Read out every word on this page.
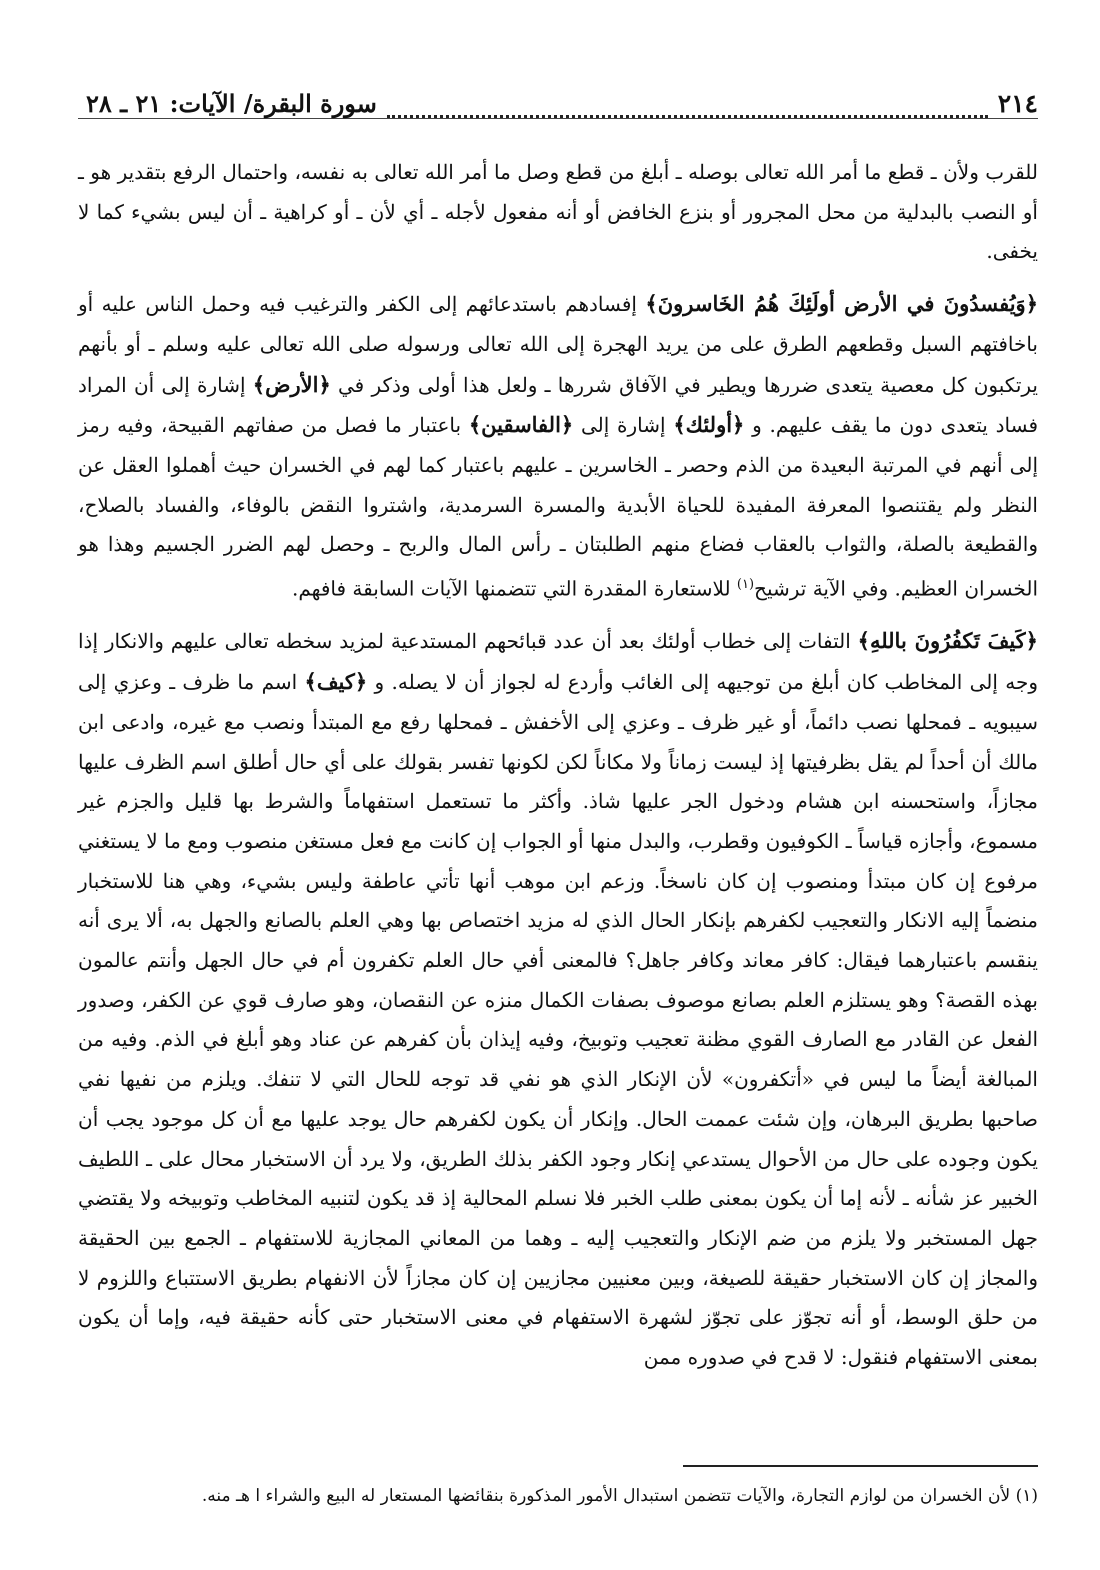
٢١٤
سورة البقرة/ الآيات: ٢١ ـ ٢٨

للقرب ولأن ـ قطع ما أمر الله تعالى بوصله ـ أبلغ من قطع وصل ما أمر الله تعالى به نفسه، واحتمال الرفع بتقدير هو ـ أو النصب بالبدلية من محل المجرور أو بنزع الخافض أو أنه مفعول لأجله ـ أي لأن ـ أو كراهية ـ أن ليس بشيء كما لا يخفى.

﴿وَيُفسدُونَ في الأرض أولَئِكَ هُمُ الخَاسرونَ﴾ إفسادهم باستدعائهم إلى الكفر والترغيب فيه وحمل الناس عليه أو باخافتهم السبل وقطعهم الطرق على من يريد الهجرة إلى الله تعالى ورسوله صلى الله تعالى عليه وسلم ـ أو بأنهم يرتكبون كل معصية يتعدى ضررها ويطير في الآفاق شررها ـ ولعل هذا أولى وذكر في ﴿الأرض﴾ إشارة إلى أن المراد فساد يتعدى دون ما يقف عليهم. و ﴿أولئك﴾ إشارة إلى ﴿الفاسقين﴾ باعتبار ما فصل من صفاتهم القبيحة، وفيه رمز إلى أنهم في المرتبة البعيدة من الذم وحصر ـ الخاسرين ـ عليهم باعتبار كما لهم في الخسران حيث أهملوا العقل عن النظر ولم يقتنصوا المعرفة المفيدة للحياة الأبدية والمسرة السرمدية، واشتروا النقض بالوفاء، والفساد بالصلاح، والقطيعة بالصلة، والثواب بالعقاب فضاع منهم الطلبتان ـ رأس المال والربح ـ وحصل لهم الضرر الجسيم وهذا هو الخسران العظيم. وفي الآية ترشيح$^{(١)}$ للاستعارة المقدرة التي تتضمنها الآيات السابقة فافهم.

﴿كَيفَ تَكفُرُونَ باللهِ﴾ التفات إلى خطاب أولئك بعد أن عدد قبائحهم المستدعية لمزيد سخطه تعالى عليهم والانكار إذا وجه إلى المخاطب كان أبلغ من توجيهه إلى الغائب وأردع له لجواز أن لا يصله. و ﴿كيف﴾ اسم ما ظرف ـ وعزي إلى سيبويه ـ فمحلها نصب دائماً، أو غير ظرف ـ وعزي إلى الأخفش ـ فمحلها رفع مع المبتدأ ونصب مع غيره، وادعى ابن مالك أن أحداً لم يقل بظرفيتها إذ ليست زماناً ولا مكاناً لكن لكونها تفسر بقولك على أي حال أطلق اسم الظرف عليها مجازاً، واستحسنه ابن هشام ودخول الجر عليها شاذ. وأكثر ما تستعمل استفهاماً والشرط بها قليل والجزم غير مسموع، وأجازه قياساً ـ الكوفيون وقطرب، والبدل منها أو الجواب إن كانت مع فعل مستغن منصوب ومع ما لا يستغني مرفوع إن كان مبتدأ ومنصوب إن كان ناسخاً. وزعم ابن موهب أنها تأتي عاطفة وليس بشيء، وهي هنا للاستخبار منضماً إليه الانكار والتعجيب لكفرهم بإنكار الحال الذي له مزيد اختصاص بها وهي العلم بالصانع والجهل به، ألا يرى أنه ينقسم باعتبارهما فيقال: كافر معاند وكافر جاهل؟ فالمعنى أفي حال العلم تكفرون أم في حال الجهل وأنتم عالمون بهذه القصة؟ وهو يستلزم العلم بصانع موصوف بصفات الكمال منزه عن النقصان، وهو صارف قوي عن الكفر، وصدور الفعل عن القادر مع الصارف القوي مظنة تعجيب وتوبيخ، وفيه إيذان بأن كفرهم عن عناد وهو أبلغ في الذم. وفيه من المبالغة أيضاً ما ليس في «أتكفرون» لأن الإنكار الذي هو نفي قد توجه للحال التي لا تنفك. ويلزم من نفيها نفي صاحبها بطريق البرهان، وإن شئت عممت الحال. وإنكار أن يكون لكفرهم حال يوجد عليها مع أن كل موجود يجب أن يكون وجوده على حال من الأحوال يستدعي إنكار وجود الكفر بذلك الطريق، ولا يرد أن الاستخبار محال على ـ اللطيف الخبير عز شأنه ـ لأنه إما أن يكون بمعنى طلب الخبر فلا نسلم المحالية إذ قد يكون لتنبيه المخاطب وتوبيخه ولا يقتضي جهل المستخبر ولا يلزم من ضم الإنكار والتعجيب إليه ـ وهما من المعاني المجازية للاستفهام ـ الجمع بين الحقيقة والمجاز إن كان الاستخبار حقيقة للصيغة، وبين معنيين مجازيين إن كان مجازاً لأن الانفهام بطريق الاستتباع واللزوم لا من حلق الوسط، أو أنه تجوّز على تجوّز لشهرة الاستفهام في معنى الاستخبار حتى كأنه حقيقة فيه، وإما أن يكون بمعنى الاستفهام فنقول: لا قدح في صدوره ممن

(١) لأن الخسران من لوازم التجارة، والآيات تتضمن استبدال الأمور المذكورة بنقائضها المستعار له البيع والشراء ا هـ منه.
